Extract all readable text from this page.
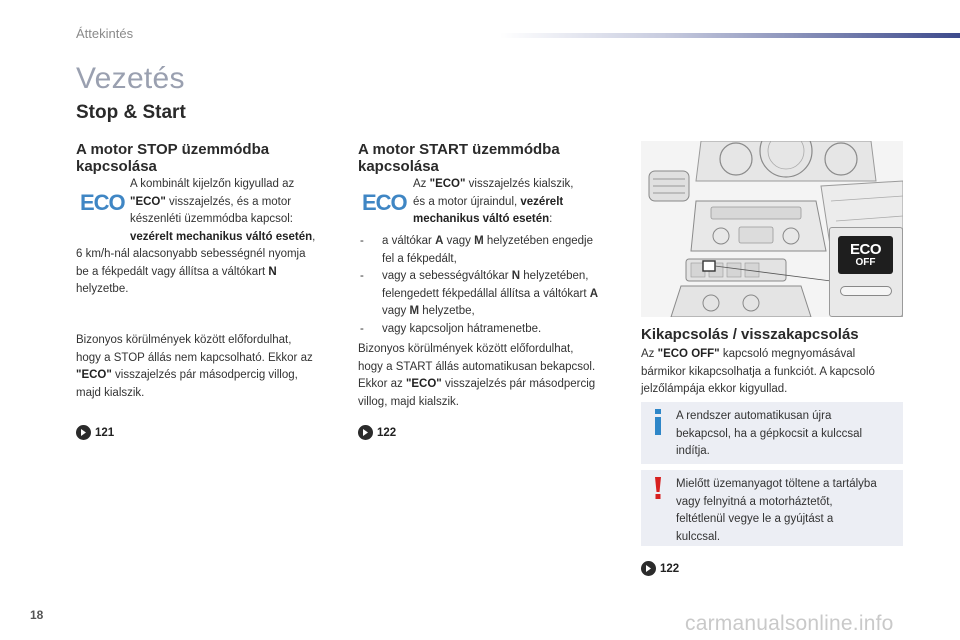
Áttekintés
Vezetés
Stop & Start
A motor STOP üzemmódba
kapcsolása
ECO
A kombinált kijelzőn kigyullad az
"ECO" visszajelzés, és a motor
készenléti üzemmódba kapcsol:
vezérelt mechanikus váltó esetén,
6 km/h-nál alacsonyabb sebességnél nyomja
be a fékpedált vagy állítsa a váltókart N
helyzetbe.
Bizonyos körülmények között előfordulhat,
hogy a STOP állás nem kapcsolható. Ekkor az
"ECO" visszajelzés pár másodpercig villog,
majd kialszik.
121
A motor START üzemmódba
kapcsolása
ECO
Az "ECO" visszajelzés kialszik,
és a motor újraindul, vezérelt
mechanikus váltó esetén:
- a váltókar A vagy M helyzetében engedje
fel a fékpedált,
- vagy a sebességváltókar N helyzetében,
felengedett fékpedállal állítsa a váltókart A
vagy M helyzetbe,
- vagy kapcsoljon hátramenetbe.
Bizonyos körülmények között előfordulhat,
hogy a START állás automatikusan bekapcsol.
Ekkor az "ECO" visszajelzés pár másodpercig
villog, majd kialszik.
122
ECO
OFF
Kikapcsolás / visszakapcsolás
Az "ECO OFF" kapcsoló megnyomásával
bármikor kikapcsolhatja a funkciót. A kapcsoló
jelzőlámpája ekkor kigyullad.
A rendszer automatikusan újra
bekapcsol, ha a gépkocsit a kulccsal
indítja.
Mielőtt üzemanyagot töltene a tartályba
vagy felnyitná a motorháztetőt,
feltétlenül vegye le a gyújtást a
kulccsal.
122
18	carmanualsonline.info
